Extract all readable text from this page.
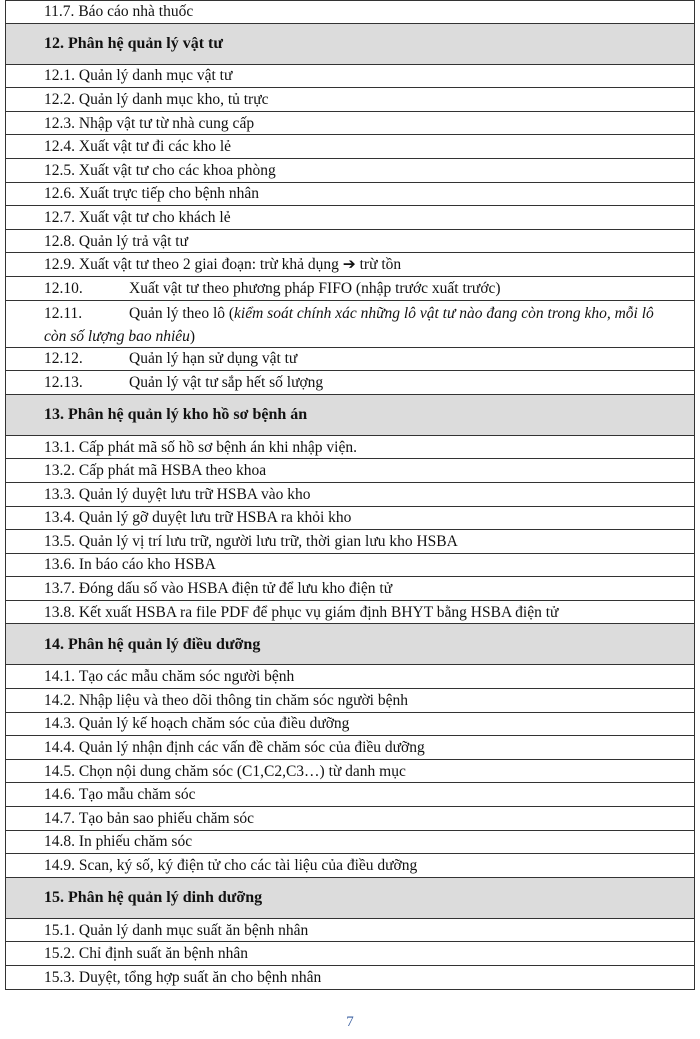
11.7.
Báo cáo nhà thuốc
12. Phân hệ quản lý vật tư
12.1.
Quản lý danh mục vật tư
12.2.
Quản lý danh mục kho, tủ trực
12.3.
Nhập vật tư từ nhà cung cấp
12.4.
Xuất vật tư đi các kho lẻ
12.5.
Xuất vật tư cho các khoa phòng
12.6.
Xuất trực tiếp cho bệnh nhân
12.7.
Xuất vật tư cho khách lẻ
12.8.
Quản lý trả vật tư
12.9.
Xuất vật tư theo 2 giai đoạn: trừ khả dụng ➔ trừ tồn
12.10.	Xuất vật tư theo phương pháp FIFO (nhập trước xuất trước)
12.11.	Quản lý theo lô (kiểm soát chính xác những lô vật tư nào đang còn trong kho, mỗi lô còn số lượng bao nhiêu)
12.12.	Quản lý hạn sử dụng vật tư
12.13.	Quản lý vật tư sắp hết số lượng
13. Phân hệ quản lý kho hồ sơ bệnh án
13.1.
Cấp phát mã số hồ sơ bệnh án khi nhập viện.
13.2.
Cấp phát mã HSBA theo khoa
13.3.
Quản lý duyệt lưu trữ HSBA vào kho
13.4.
Quản lý gỡ duyệt lưu trữ HSBA ra khỏi kho
13.5.
Quản lý vị trí lưu trữ, người lưu trữ, thời gian lưu kho HSBA
13.6.
In báo cáo kho HSBA
13.7.
Đóng dấu số vào HSBA điện tử để lưu kho điện tử
13.8.
Kết xuất HSBA ra file PDF để phục vụ giám định BHYT bằng HSBA điện tử
14. Phân hệ quản lý điều dưỡng
14.1.
Tạo các mẫu chăm sóc người bệnh
14.2.
Nhập liệu và theo dõi thông tin chăm sóc người bệnh
14.3.
Quản lý kế hoạch chăm sóc của điều dưỡng
14.4.
Quản lý nhận định các vấn đề chăm sóc của điều dưỡng
14.5.
Chọn nội dung chăm sóc (C1,C2,C3…) từ danh mục
14.6.
Tạo mẫu chăm sóc
14.7.
Tạo bản sao phiếu chăm sóc
14.8.
In phiếu chăm sóc
14.9.
Scan, ký số, ký điện tử cho các tài liệu của điều dưỡng
15. Phân hệ quản lý dinh dưỡng
15.1.
Quản lý danh mục suất ăn bệnh nhân
15.2.
Chỉ định suất ăn bệnh nhân
15.3.
Duyệt, tổng hợp suất ăn cho bệnh nhân
7
